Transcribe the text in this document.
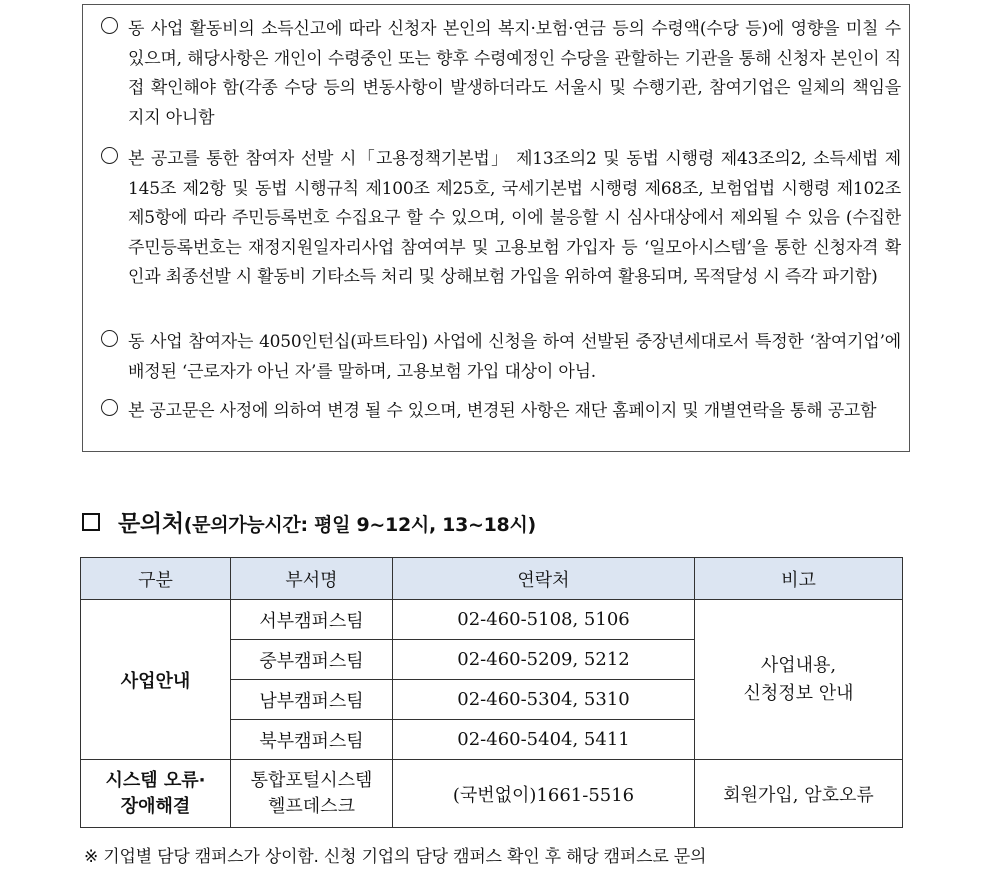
동 사업 활동비의 소득신고에 따라 신청자 본인의 복지·보험·연금 등의 수령액(수당 등)에 영향을 미칠 수 있으며, 해당사항은 개인이 수령중인 또는 향후 수령예정인 수당을 관할하는 기관을 통해 신청자 본인이 직접 확인해야 함(각종 수당 등의 변동사항이 발생하더라도 서울시 및 수행기관, 참여기업은 일체의 책임을 지지 아니함
본 공고를 통한 참여자 선발 시「고용정책기본법」 제13조의2 및 동법 시행령 제43조의2, 소득세법 제145조 제2항 및 동법 시행규칙 제100조 제25호, 국세기본법 시행령 제68조, 보험업법 시행령 제102조 제5항에 따라 주민등록번호 수집요구 할 수 있으며, 이에 불응할 시 심사대상에서 제외될 수 있음 (수집한 주민등록번호는 재정지원일자리사업 참여여부 및 고용보험 가입자 등 ‘일모아시스템’을 통한 신청자격 확인과 최종선발 시 활동비 기타소득 처리 및 상해보험 가입을 위하여 활용되며, 목적달성 시 즉각 파기함)
동 사업 참여자는 4050인턴십(파트타임) 사업에 신청을 하여 선발된 중장년세대로서 특정한 ‘참여기업’에 배정된 ‘근로자가 아닌 자’를 말하며, 고용보험 가입 대상이 아님.
본 공고문은 사정에 의하여 변경 될 수 있으며, 변경된 사항은 재단 홈페이지 및 개별연락을 통해 공고함
문의처(문의가능시간: 평일 9~12시, 13~18시)
구분	부서명	연락처	비고
사업안내	서부캠퍼스팀	02-460-5108, 5106	사업내용,
신청정보 안내

	중부캠퍼스팀	02-460-5209, 5212	
	남부캠퍼스팀	02-460-5304, 5310	
	북부캠퍼스팀	02-460-5404, 5411	

시스템 오류·
장애해결	통합포털시스템
헬프데스크	(국번없이)1661-5516	회원가입, 암호오류
※ 기업별 담당 캠퍼스가 상이함. 신청 기업의 담당 캠퍼스 확인 후 해당 캠퍼스로 문의
